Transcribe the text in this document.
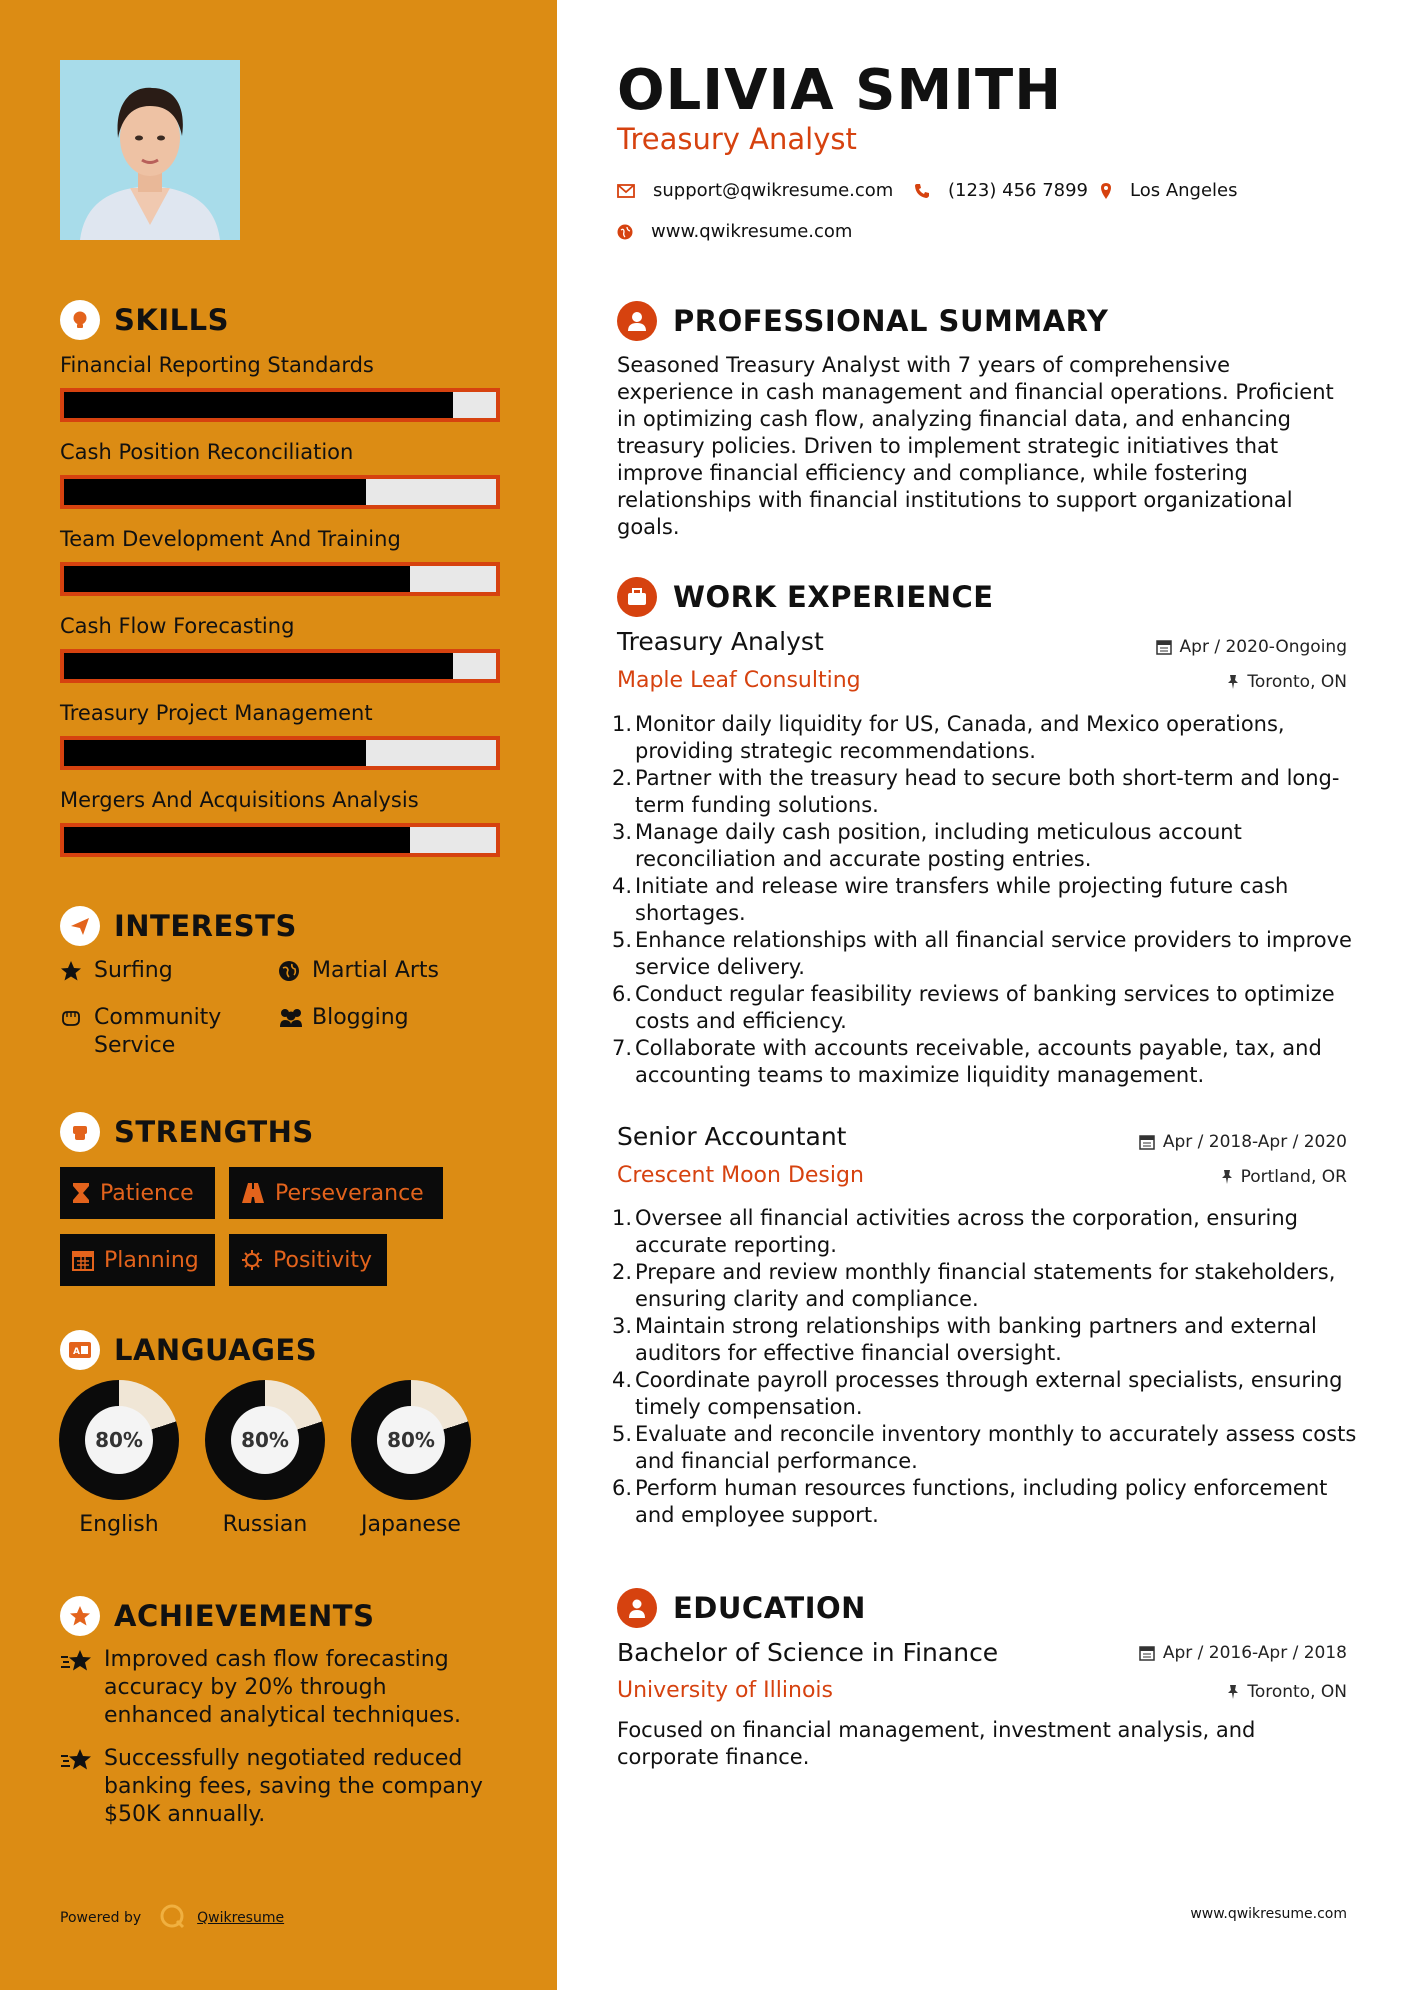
SKILLS
Financial Reporting Standards
Cash Position Reconciliation
Team Development And Training
Cash Flow Forecasting
Treasury Project Management
Mergers And Acquisitions Analysis
INTERESTS
Surfing	Martial Arts
Community Service
Blogging
STRENGTHS
Patience	Perseverance
Planning	Positivity
A LANGUAGES
80%
English
80%
Russian
80%
Japanese
ACHIEVEMENTS
Improved cash flow forecasting accuracy by 20% through enhanced analytical techniques.
Successfully negotiated reduced banking fees, saving the company $50K annually.
Powered by	Qwikresume
OLIVIA SMITH
Treasury Analyst
support@qwikresume.com	(123) 456 7899 Los Angeles
www.qwikresume.com
PROFESSIONAL SUMMARY
Seasoned Treasury Analyst with 7 years of comprehensive experience in cash management and financial operations. Proficient in optimizing cash flow, analyzing financial data, and enhancing treasury policies. Driven to implement strategic initiatives that improve financial efficiency and compliance, while fostering relationships with financial institutions to support organizational goals.
WORK EXPERIENCE
Treasury Analyst	Apr / 2020-Ongoing
Maple Leaf Consulting	Toronto, ON
1. Monitor daily liquidity for US, Canada, and Mexico operations, providing strategic recommendations.
2. Partner with the treasury head to secure both short-term and long-term funding solutions.
3. Manage daily cash position, including meticulous account reconciliation and accurate posting entries.
4. Initiate and release wire transfers while projecting future cash shortages.
5. Enhance relationships with all financial service providers to improve service delivery.
6. Conduct regular feasibility reviews of banking services to optimize costs and efficiency.
7. Collaborate with accounts receivable, accounts payable, tax, and accounting teams to maximize liquidity management.
Senior Accountant	Apr / 2018-Apr / 2020
Crescent Moon Design	Portland, OR
1. Oversee all financial activities across the corporation, ensuring accurate reporting.
2. Prepare and review monthly financial statements for stakeholders, ensuring clarity and compliance.
3. Maintain strong relationships with banking partners and external auditors for effective financial oversight.
4. Coordinate payroll processes through external specialists, ensuring timely compensation.
5. Evaluate and reconcile inventory monthly to accurately assess costs and financial performance.
6. Perform human resources functions, including policy enforcement and employee support.
EDUCATION
Bachelor of Science in Finance	Apr / 2016-Apr / 2018
University of Illinois	Toronto, ON
Focused on financial management, investment analysis, and corporate finance.
www.qwikresume.com
